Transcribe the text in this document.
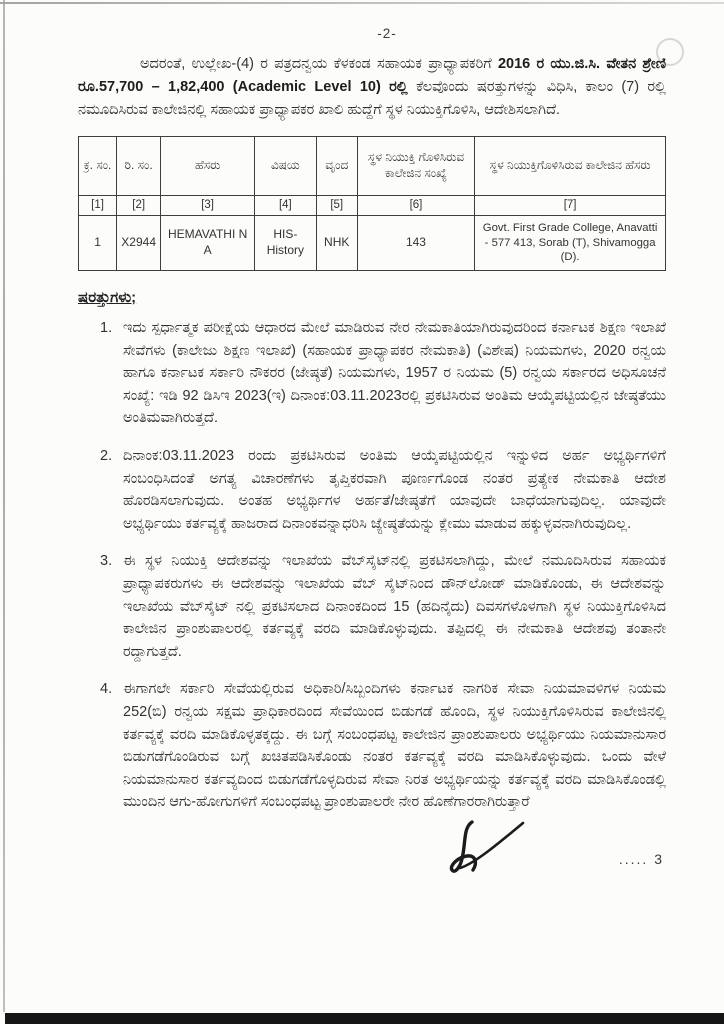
-2-

ಅದರಂತೆ, ಉಲ್ಲೇಖ-(4) ರ ಪತ್ರದನ್ವಯ ಕೆಳಕಂಡ ಸಹಾಯಕ ಪ್ರಾಧ್ಯಾಪಕರಿಗೆ 2016 ರ ಯು.ಜಿ.ಸಿ. ವೇತನ ಶ್ರೇಣಿ ರೂ.57,700 – 1,82,400 (Academic Level 10) ರಲ್ಲಿ ಕೆಲವೊಂದು ಷರತ್ತುಗಳನ್ನು ವಿಧಿಸಿ, ಕಾಲಂ (7) ರಲ್ಲಿ ನಮೂದಿಸಿರುವ ಕಾಲೇಜಿನಲ್ಲಿ ಸಹಾಯಕ ಪ್ರಾಧ್ಯಾಪಕರ ಖಾಲಿ ಹುದ್ದೆಗೆ ಸ್ಥಳ ನಿಯುಕ್ತಿಗೊಳಿಸಿ, ಆದೇಶಿಸಲಾಗಿದೆ.

ಕ್ರ. ಸಂ.	ರಿ. ಸಂ.	ಹೆಸರು	ವಿಷಯ	ವೃಂದ	ಸ್ಥಳ ನಿಯುಕ್ತಿ ಗೊಳಿಸಿರುವ ಕಾಲೇಜಿನ ಸಂಖ್ಯೆ	ಸ್ಥಳ ನಿಯುಕ್ತಿಗೊಳಿಸಿರುವ ಕಾಲೇಜಿನ ಹೆಸರು
[1]	[2]	[3]	[4]	[5]	[6]	[7]
1	X2944	HEMAVATHI N A	HIS-History	NHK	143	Govt. First Grade College, Anavatti - 577 413, Sorab (T), Shivamogga (D).
ಷರತ್ತುಗಳು;
1. ಇದು ಸ್ಪರ್ಧಾತ್ಮಕ ಪರೀಕ್ಷೆಯ ಆಧಾರದ ಮೇಲೆ ಮಾಡಿರುವ ನೇರ ನೇಮಕಾತಿಯಾಗಿರುವುದರಿಂದ ಕರ್ನಾಟಕ ಶಿಕ್ಷಣ ಇಲಾಖೆ ಸೇವೆಗಳು (ಕಾಲೇಜು ಶಿಕ್ಷಣ ಇಲಾಖೆ) (ಸಹಾಯಕ ಪ್ರಾಧ್ಯಾಪಕರ ನೇಮಕಾತಿ) (ವಿಶೇಷ) ನಿಯಮಗಳು, 2020 ರನ್ವಯ ಹಾಗೂ ಕರ್ನಾಟಕ ಸರ್ಕಾರಿ ನೌಕರರ (ಜೇಷ್ಠತೆ) ನಿಯಮಗಳು, 1957 ರ ನಿಯಮ (5) ರನ್ವಯ ಸರ್ಕಾರದ ಅಧಿಸೂಚನೆ ಸಂಖ್ಯೆ: ಇಡಿ 92 ಡಿಸಿಇ 2023(ಇ) ದಿನಾಂಕ:03.11.2023ರಲ್ಲಿ ಪ್ರಕಟಿಸಿರುವ ಅಂತಿಮ ಆಯ್ಕೆಪಟ್ಟಿಯಲ್ಲಿನ ಜೇಷ್ಠತೆಯು ಅಂತಿಮವಾಗಿರುತ್ತದೆ.
2. ದಿನಾಂಕ:03.11.2023 ರಂದು ಪ್ರಕಟಿಸಿರುವ ಅಂತಿಮ ಆಯ್ಕೆಪಟ್ಟಿಯಲ್ಲಿನ ಇನ್ನುಳಿದ ಅರ್ಹ ಅಭ್ಯರ್ಥಿಗಳಿಗೆ ಸಂಬಂಧಿಸಿದಂತೆ ಅಗತ್ಯ ವಿಚಾರಣೆಗಳು ತೃಪ್ತಿಕರವಾಗಿ ಪೂರ್ಣಗೊಂಡ ನಂತರ ಪ್ರತ್ಯೇಕ ನೇಮಕಾತಿ ಆದೇಶ ಹೊರಡಿಸಲಾಗುವುದು. ಅಂತಹ ಅಭ್ಯರ್ಥಿಗಳ ಅರ್ಹತೆ/ಜೇಷ್ಠತೆಗೆ ಯಾವುದೇ ಬಾಧೆಯಾಗುವುದಿಲ್ಲ. ಯಾವುದೇ ಅಭ್ಯರ್ಥಿಯು ಕರ್ತವ್ಯಕ್ಕೆ ಹಾಜರಾದ ದಿನಾಂಕವನ್ನಾಧರಿಸಿ ಜ್ಯೇಷ್ಠತೆಯನ್ನು ಕ್ಲೇಮು ಮಾಡುವ ಹಕ್ಕುಳ್ಳವನಾಗಿರುವುದಿಲ್ಲ.
3. ಈ ಸ್ಥಳ ನಿಯುಕ್ತಿ ಆದೇಶವನ್ನು ಇಲಾಖೆಯ ವೆಬ್‌ಸೈಟ್‌ನಲ್ಲಿ ಪ್ರಕಟಿಸಲಾಗಿದ್ದು, ಮೇಲೆ ನಮೂದಿಸಿರುವ ಸಹಾಯಕ ಪ್ರಾಧ್ಯಾಪಕರುಗಳು ಈ ಆದೇಶವನ್ನು ಇಲಾಖೆಯ ವೆಬ್ ಸೈಟ್‌ನಿಂದ ಡೌನ್‌ಲೋಡ್ ಮಾಡಿಕೊಂಡು, ಈ ಆದೇಶವನ್ನು ಇಲಾಖೆಯ ವೆಬ್‌ಸೈಟ್ ನಲ್ಲಿ ಪ್ರಕಟಿಸಲಾದ ದಿನಾಂಕದಿಂದ 15 (ಹದಿನೈದು) ದಿವಸಗಳೊಳಗಾಗಿ ಸ್ಥಳ ನಿಯುಕ್ತಿಗೊಳಿಸಿದ ಕಾಲೇಜಿನ ಪ್ರಾಂಶುಪಾಲರಲ್ಲಿ ಕರ್ತವ್ಯಕ್ಕೆ ವರದಿ ಮಾಡಿಕೊಳ್ಳುವುದು. ತಪ್ಪಿದಲ್ಲಿ ಈ ನೇಮಕಾತಿ ಆದೇಶವು ತಂತಾನೇ ರದ್ದಾಗುತ್ತದೆ.
4. ಈಗಾಗಲೇ ಸರ್ಕಾರಿ ಸೇವೆಯಲ್ಲಿರುವ ಅಧಿಕಾರಿ/ಸಿಬ್ಬಂದಿಗಳು ಕರ್ನಾಟಕ ನಾಗರಿಕ ಸೇವಾ ನಿಯಮಾವಳಿಗಳ ನಿಯಮ 252(ಬಿ) ರನ್ವಯ ಸಕ್ಷಮ ಪ್ರಾಧಿಕಾರದಿಂದ ಸೇವೆಯಿಂದ ಬಿಡುಗಡೆ ಹೊಂದಿ, ಸ್ಥಳ ನಿಯುಕ್ತಿಗೊಳಿಸಿರುವ ಕಾಲೇಜಿನಲ್ಲಿ ಕರ್ತವ್ಯಕ್ಕೆ ವರದಿ ಮಾಡಿಕೊಳ್ಳತಕ್ಕದ್ದು. ಈ ಬಗ್ಗೆ ಸಂಬಂಧಪಟ್ಟ ಕಾಲೇಜಿನ ಪ್ರಾಂಶುಪಾಲರು ಅಭ್ಯರ್ಥಿಯು ನಿಯಮಾನುಸಾರ ಬಿಡುಗಡೆಗೊಂಡಿರುವ ಬಗ್ಗೆ ಖಚಿತಪಡಿಸಿಕೊಂಡು ನಂತರ ಕರ್ತವ್ಯಕ್ಕೆ ವರದಿ ಮಾಡಿಸಿಕೊಳ್ಳುವುದು. ಒಂದು ವೇಳೆ ನಿಯಮಾನುಸಾರ ಕರ್ತವ್ಯದಿಂದ ಬಿಡುಗಡೆಗೊಳ್ಳದಿರುವ ಸೇವಾ ನಿರತ ಅಭ್ಯರ್ಥಿಯನ್ನು ಕರ್ತವ್ಯಕ್ಕೆ ವರದಿ ಮಾಡಿಸಿಕೊಂಡಲ್ಲಿ ಮುಂದಿನ ಆಗು-ಹೋಗುಗಳಿಗೆ ಸಂಬಂಧಪಟ್ಟ ಪ್ರಾಂಶುಪಾಲರೇ ನೇರ ಹೊಣೆಗಾರರಾಗಿರುತ್ತಾರೆ
..... 3
